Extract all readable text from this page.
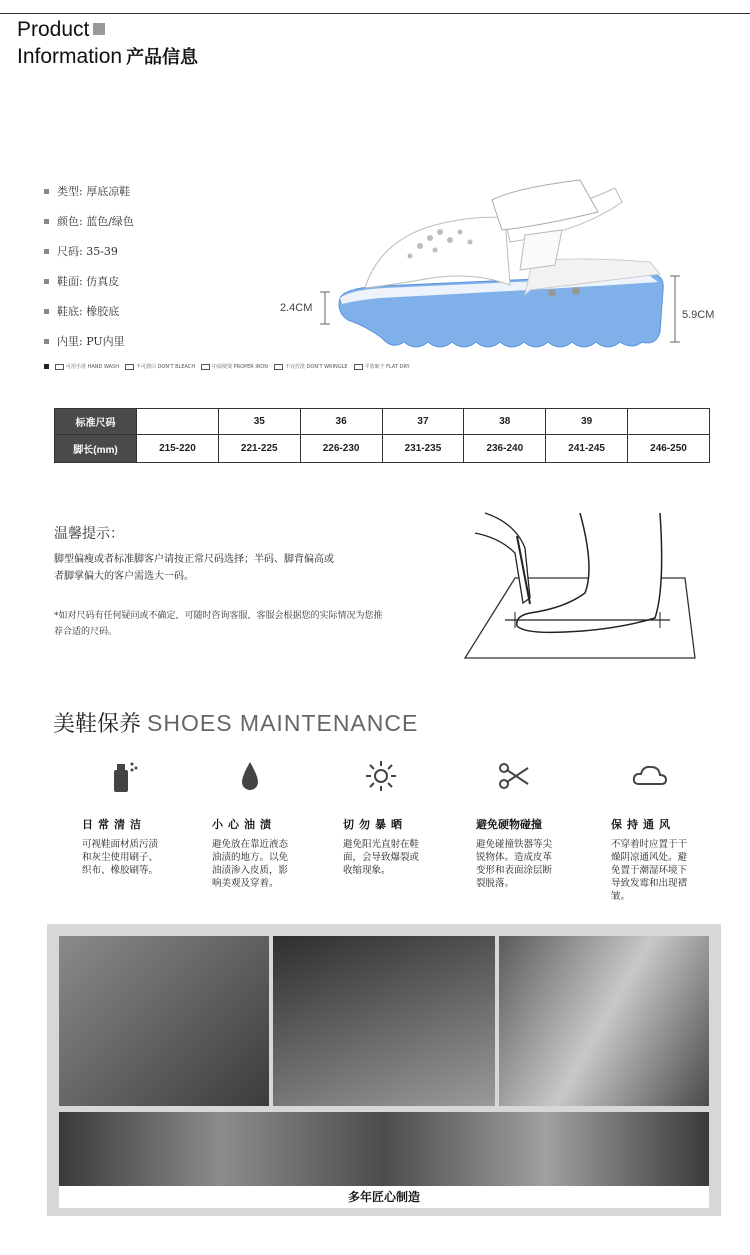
Product
Information 产品信息
类型: 厚底凉鞋
颜色: 蓝色/绿色
尺码: 35-39
鞋面: 仿真皮
鞋底: 橡胶底
内里: PU内里
可用手洗 HAND WASH	不可漂白 DON'T BLEACH	中温熨烫 PROPER IRON	不宜拧洗 DON'T WRINGLE	平放晾干 FLAT DRY
2.4CM
5.9CM
标准尺码		35	36	37	38	39	
脚长(mm)	215-220	221-225	226-230	231-235	236-240	241-245	246-250
温馨提示：
脚型偏瘦或者标准脚客户请按正常尺码选择；半码、脚背偏高或
者脚掌偏大的客户需选大一码。
*如对尺码有任何疑问或不确定，可随时咨询客服，客服会根据您的实际情况为您推
荐合适的尺码。
美鞋保养 SHOES MAINTENANCE
日常清洁
可视鞋面材质污渍和灰尘使用刷子、织布、橡胶刷等。
小心油渍
避免放在靠近液态油渍的地方。以免油渍渗入皮质，影响美观及穿着。
切勿暴晒
避免阳光直射在鞋面，会导致爆裂或收缩现象。
避免硬物碰撞
避免碰撞铁器等尖锐物体。造成皮革变形和表面涂层断裂脱落。
保持通风
不穿着时应置于干燥阴凉通风处。避免置于潮湿环境下导致发霉和出现褶皱。
多年匠心制造
